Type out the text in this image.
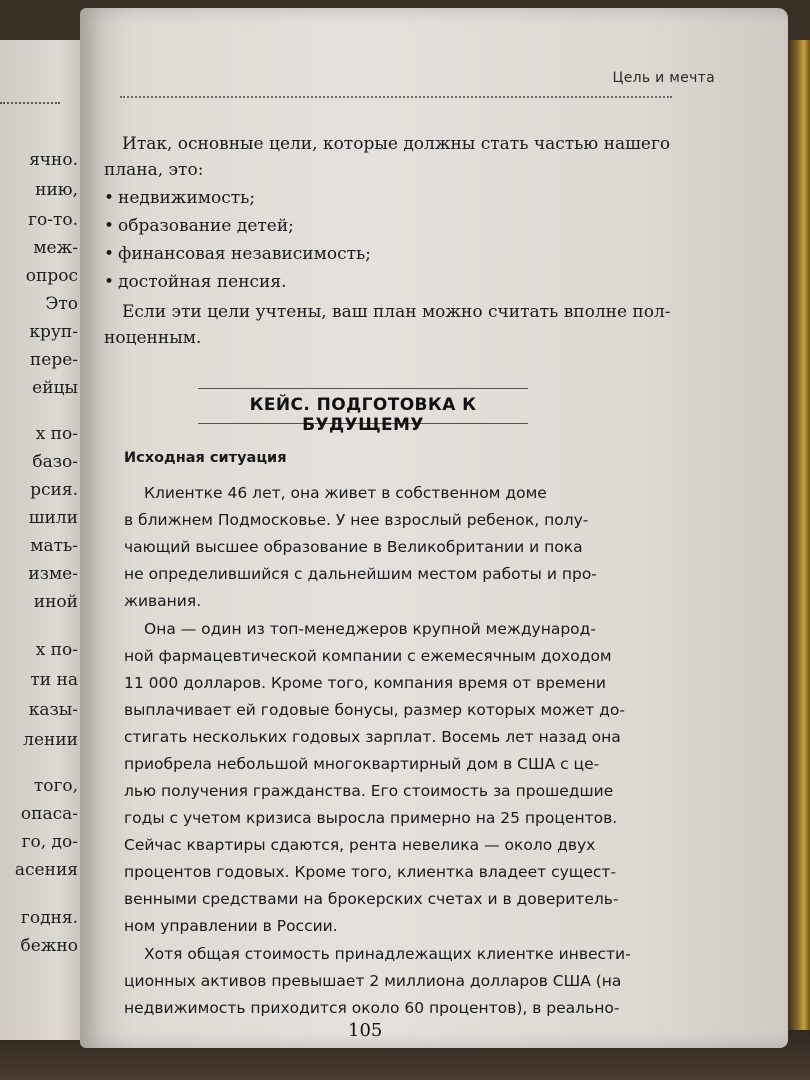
ячно.
нию,
го-то.
меж-
опрос
Это
круп-
пере-
ейцы
х по-
базо-
рсия.
шили
мать-
изме-
иной
х по-
ти на
казы-
лении
того,
опаса-
го, до-
асения
годня.
бежно
Цель и мечта
Итак, основные цели, которые должны стать частью нашего
плана, это:
• недвижимость;
• образование детей;
• финансовая независимость;
• достойная пенсия.
Если эти цели учтены, ваш план можно считать вполне пол-
ноценным.
КЕЙС. ПОДГОТОВКА К БУДУЩЕМУ
Исходная ситуация
Клиентке 46 лет, она живет в собственном доме
в ближнем Подмосковье. У нее взрослый ребенок, полу-
чающий высшее образование в Великобритании и пока
не определившийся с дальнейшим местом работы и про-
живания.
Она — один из топ-менеджеров крупной международ-
ной фармацевтической компании с ежемесячным доходом
11 000 долларов. Кроме того, компания время от времени
выплачивает ей годовые бонусы, размер которых может до-
стигать нескольких годовых зарплат. Восемь лет назад она
приобрела небольшой многоквартирный дом в США с це-
лью получения гражданства. Его стоимость за прошедшие
годы с учетом кризиса выросла примерно на 25 процентов.
Сейчас квартиры сдаются, рента невелика — около двух
процентов годовых. Кроме того, клиентка владеет сущест-
венными средствами на брокерских счетах и в доверитель-
ном управлении в России.
Хотя общая стоимость принадлежащих клиентке инвести-
ционных активов превышает 2 миллиона долларов США (на
недвижимость приходится около 60 процентов), в реально-
105
